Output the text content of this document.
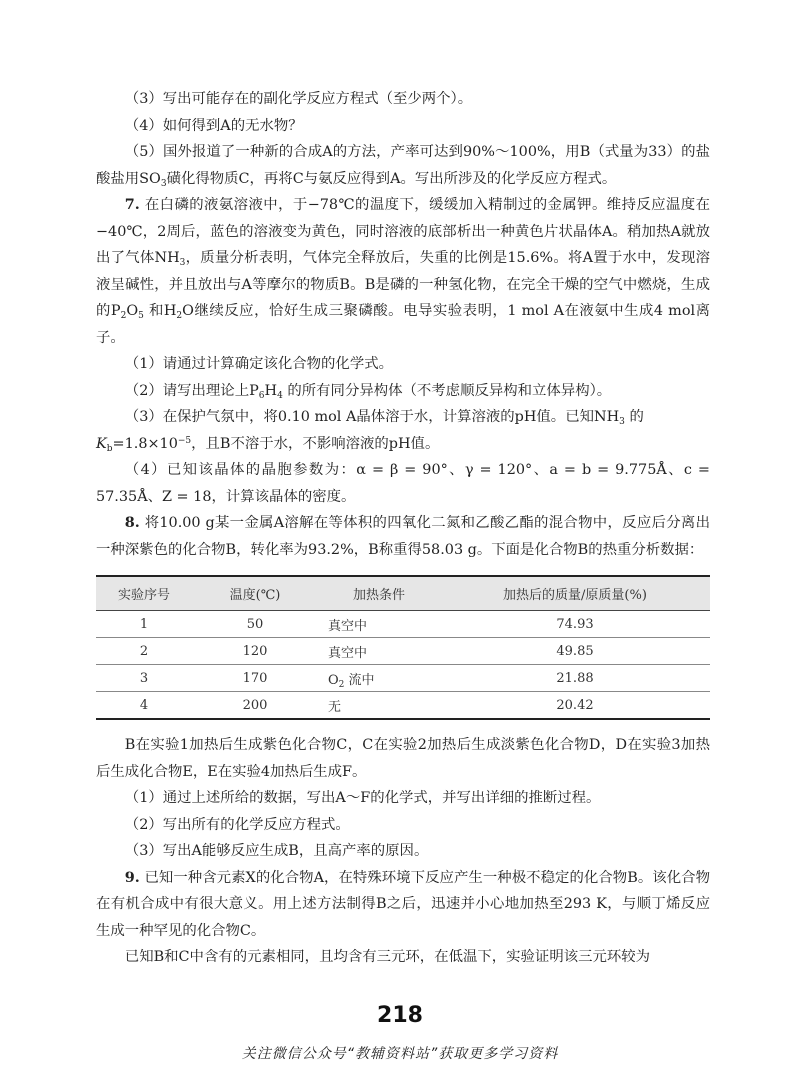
（3）写出可能存在的副化学反应方程式（至少两个）。

（4）如何得到A的无水物？

（5）国外报道了一种新的合成A的方法，产率可达到90%～100%，用B（式量为33）的盐酸盐用$SO_3$磺化得物质C，再将C与氨反应得到A。写出所涉及的化学反应方程式。

7. 在白磷的液氨溶液中，于−78℃的温度下，缓缓加入精制过的金属钾。维持反应温度在−40℃，2周后，蓝色的溶液变为黄色，同时溶液的底部析出一种黄色片状晶体A。稍加热A就放出了气体$NH_3$，质量分析表明，气体完全释放后，失重的比例是15.6%。将A置于水中，发现溶液呈碱性，并且放出与A等摩尔的物质B。B是磷的一种氢化物，在完全干燥的空气中燃烧，生成的$P_2O_5$ 和$H_2O$继续反应，恰好生成三聚磷酸。电导实验表明，1 mol A在液氨中生成4 mol离子。

（1）请通过计算确定该化合物的化学式。

（2）请写出理论上$P_6H_4$ 的所有同分异构体（不考虑顺反异构和立体异构）。

（3）在保护气氛中，将0.10 mol A晶体溶于水，计算溶液的pH值。已知$NH_3$ 的
$K_b=1.8\times 10^{-5}$，且B不溶于水，不影响溶液的pH值。

（4）已知该晶体的晶胞参数为：α = β = 90°、γ = 120°、a = b = 9.775Å、c = 57.35Å、Z = 18，计算该晶体的密度。

8. 将10.00 g某一金属A溶解在等体积的四氧化二氮和乙酸乙酯的混合物中，反应后分离出一种深紫色的化合物B，转化率为93.2%，B称重得58.03 g。下面是化合物B的热重分析数据：

实验序号	温度(℃)	加热条件	加热后的质量/原质量(%)
1	50	真空中	74.93
2	120	真空中	49.85
3	170	$O_2$ 流中	21.88
4	200	无	20.42

B在实验1加热后生成紫色化合物C，C在实验2加热后生成淡紫色化合物D，D在实验3加热后生成化合物E，E在实验4加热后生成F。

（1）通过上述所给的数据，写出A～F的化学式，并写出详细的推断过程。

（2）写出所有的化学反应方程式。

（3）写出A能够反应生成B，且高产率的原因。

9. 已知一种含元素X的化合物A，在特殊环境下反应产生一种极不稳定的化合物B。该化合物在有机合成中有很大意义。用上述方法制得B之后，迅速并小心地加热至293 K，与顺丁烯反应生成一种罕见的化合物C。

已知B和C中含有的元素相同，且均含有三元环，在低温下，实验证明该三元环较为

218
关注微信公众号“教辅资料站”获取更多学习资料
